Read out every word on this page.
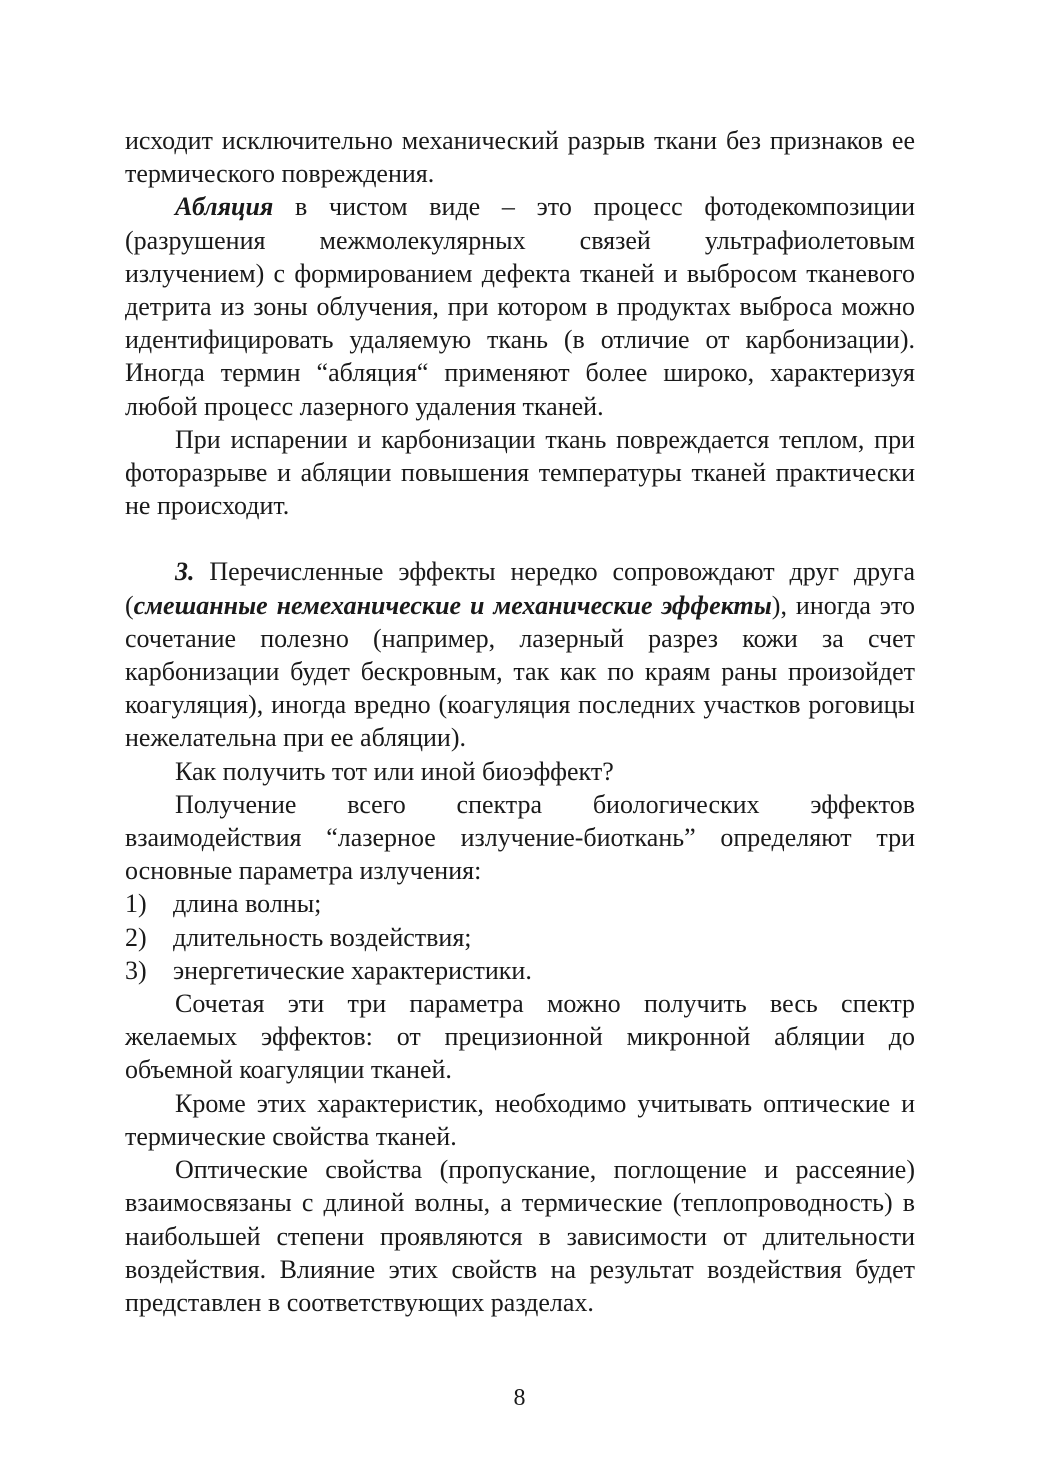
исходит исключительно механический разрыв ткани без признаков ее термического повреждения.

Абляция в чистом виде – это процесс фотодекомпозиции (разрушения межмолекулярных связей ультрафиолетовым излучением) с формированием дефекта тканей и выбросом тканевого детрита из зоны облучения, при котором в продуктах выброса можно идентифицировать удаляемую ткань (в отличие от карбонизации). Иногда термин “абляция“ применяют более широко, характеризуя любой процесс лазерного удаления тканей.

При испарении и карбонизации ткань повреждается теплом, при фоторазрыве и абляции повышения температуры тканей практически не происходит.

3. Перечисленные эффекты нередко сопровождают друг друга (смешанные немеханические и механические эффекты), иногда это сочетание полезно (например, лазерный разрез кожи за счет карбонизации будет бескровным, так как по краям раны произойдет коагуляция), иногда вредно (коагуляция последних участков роговицы нежелательна при ее абляции).

Как получить тот или иной биоэффект?

Получение всего спектра биологических эффектов взаимодействия “лазерное излучение-биоткань” определяют три основные параметра излучения:

1)	длина волны;
2)	длительность воздействия;
3)	энергетические характеристики.

Сочетая эти три параметра можно получить весь спектр желаемых эффектов: от прецизионной микронной абляции до объемной коагуляции тканей.

Кроме этих характеристик, необходимо учитывать оптические и термические свойства тканей.

Оптические свойства (пропускание, поглощение и рассеяние) взаимосвязаны с длиной волны, а термические (теплопроводность) в наибольшей степени проявляются в зависимости от длительности воздействия. Влияние этих свойств на результат воздействия будет представлен в соответствующих разделах.

8
